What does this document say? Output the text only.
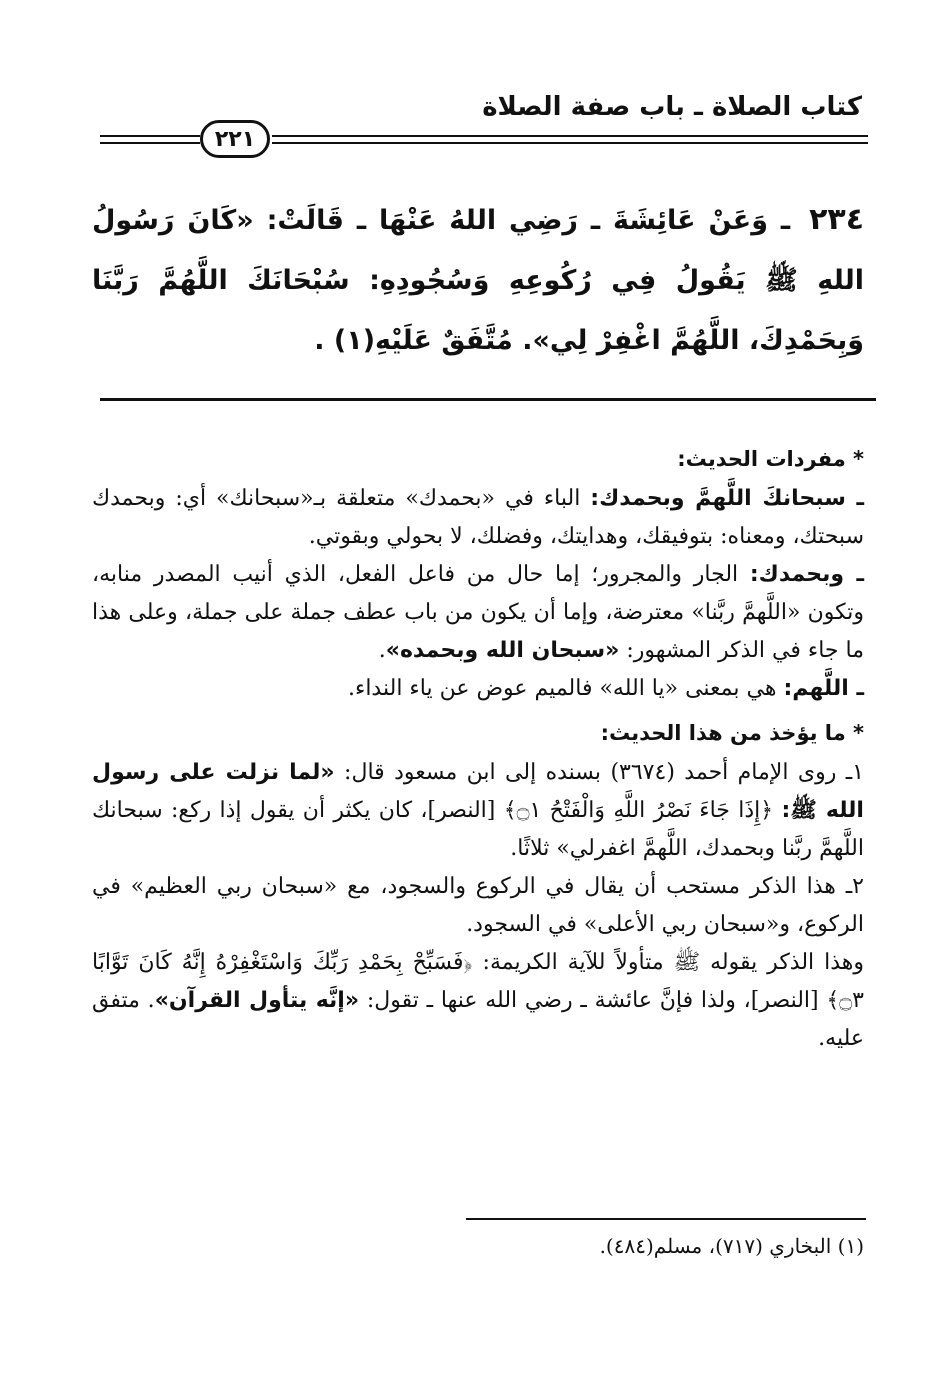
كتاب الصلاة ـ باب صفة الصلاة
٢٢١
٢٣٤ ـ وَعَنْ عَائِشَةَ ـ رَضِي اللهُ عَنْهَا ـ قَالَتْ: «كَانَ رَسُولُ اللهِ ﷺ يَقُولُ فِي رُكُوعِهِ وَسُجُودِهِ: سُبْحَانَكَ اللَّهُمَّ رَبَّنَا وَبِحَمْدِكَ، اللَّهُمَّ اغْفِرْ لِي». مُتَّفَقٌ عَلَيْهِ(١) .
* مفردات الحديث:

ـ سبحانكَ اللَّهمَّ وبحمدك: الباء في «بحمدك» متعلقة بـ«سبحانك» أي: وبحمدك سبحتك، ومعناه: بتوفيقك، وهدايتك، وفضلك، لا بحولي وبقوتي.

ـ وبحمدك: الجار والمجرور؛ إما حال من فاعل الفعل، الذي أنيب المصدر منابه، وتكون «اللَّهمَّ ربَّنا» معترضة، وإما أن يكون من باب عطف جملة على جملة، وعلى هذا ما جاء في الذكر المشهور: «سبحان الله وبحمده».

ـ اللَّهم: هي بمعنى «يا الله» فالميم عوض عن ياء النداء.

* ما يؤخذ من هذا الحديث:

١ـ روى الإمام أحمد (٣٦٧٤) بسنده إلى ابن مسعود قال: «لما نزلت على رسول الله ﷺ: ﴿إِذَا جَاءَ نَصْرُ اللَّهِ وَالْفَتْحُ ۝١﴾ [النصر]، كان يكثر أن يقول إذا ركع: سبحانك اللَّهمَّ ربَّنا وبحمدك، اللَّهمَّ اغفرلي» ثلاثًا.

٢ـ هذا الذكر مستحب أن يقال في الركوع والسجود، مع «سبحان ربي العظيم» في الركوع، و«سبحان ربي الأعلى» في السجود.

وهذا الذكر يقوله ﷺ متأولاً للآية الكريمة: ﴿فَسَبِّحْ بِحَمْدِ رَبِّكَ وَاسْتَغْفِرْهُ إِنَّهُ كَانَ تَوَّابًا ۝٣﴾ [النصر]، ولذا فإنَّ عائشة ـ رضي الله عنها ـ تقول: «إنَّه يتأول القرآن». متفق عليه.

(١) البخاري (٧١٧)، مسلم(٤٨٤).
